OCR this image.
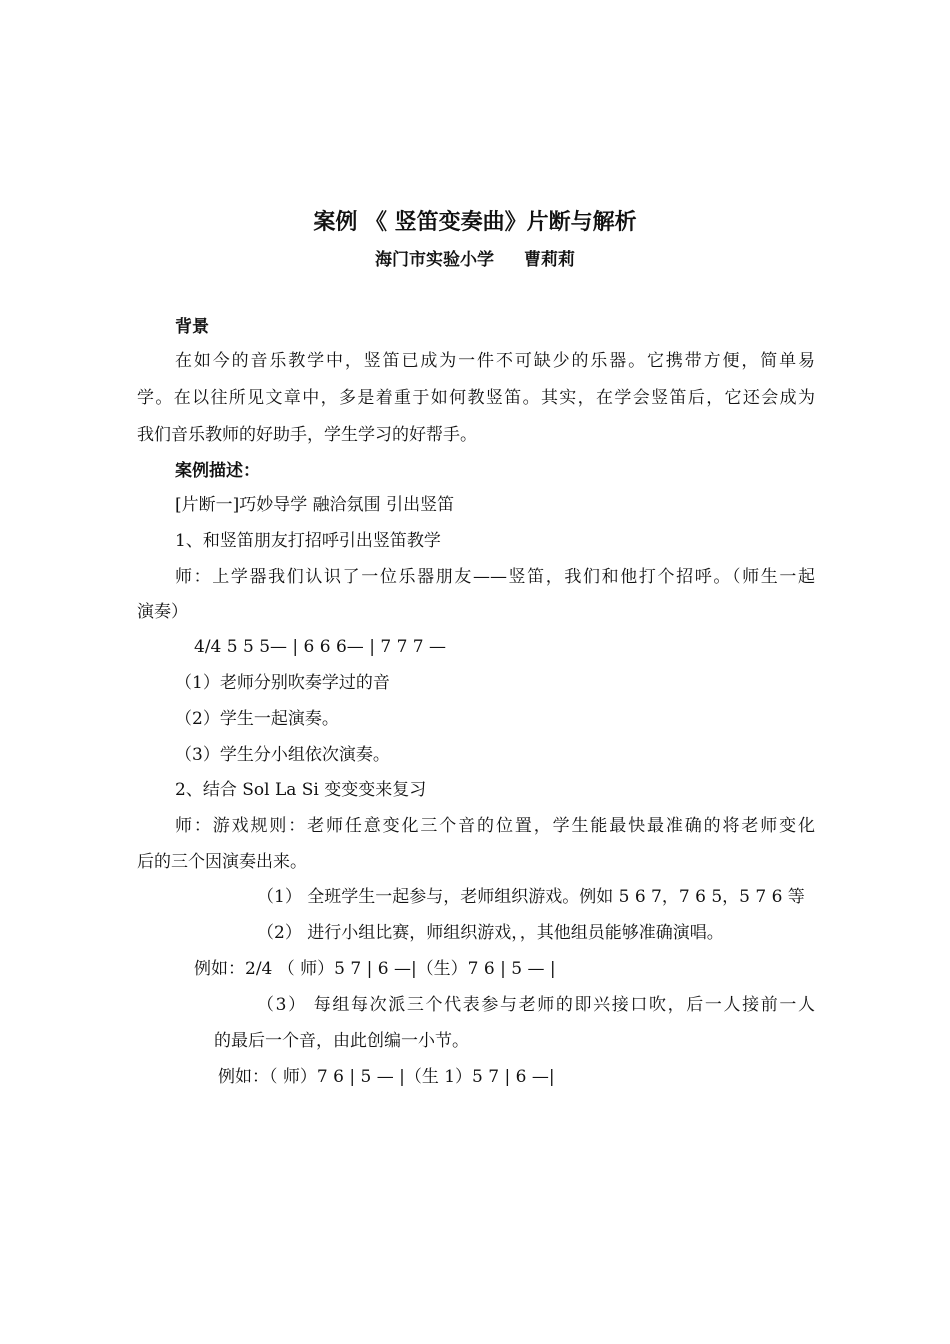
案例 《 竖笛变奏曲》片断与解析
海门市实验小学 曹莉莉
背景
在如今的音乐教学中，竖笛已成为一件不可缺少的乐器。它携带方便，简单易
学。在以往所见文章中，多是着重于如何教竖笛。其实，在学会竖笛后，它还会成为
我们音乐教师的好助手，学生学习的好帮手。
案例描述：
[片断一]巧妙导学 融洽氛围 引出竖笛
1、和竖笛朋友打招呼引出竖笛教学
师：上学器我们认识了一位乐器朋友——竖笛，我们和他打个招呼。（师生一起
演奏）
4/4 5 5 5— | 6 6 6— | 7 7 7 —
（1）老师分别吹奏学过的音
（2）学生一起演奏。
（3）学生分小组依次演奏。
2、结合 Sol La Si 变变变来复习
师：游戏规则：老师任意变化三个音的位置，学生能最快最准确的将老师变化
后的三个因演奏出来。
（1） 全班学生一起参与，老师组织游戏。例如 5 6 7，7 6 5，5 7 6 等
（2） 进行小组比赛，师组织游戏，，其他组员能够准确演唱。
例如：2/4 （ 师）5 7 | 6 —|（生）7 6 | 5 — |
（3） 每组每次派三个代表参与老师的即兴接口吹，后一人接前一人
的最后一个音，由此创编一小节。
例如：（ 师）7 6 | 5 — |（生 1）5 7 | 6 —|
